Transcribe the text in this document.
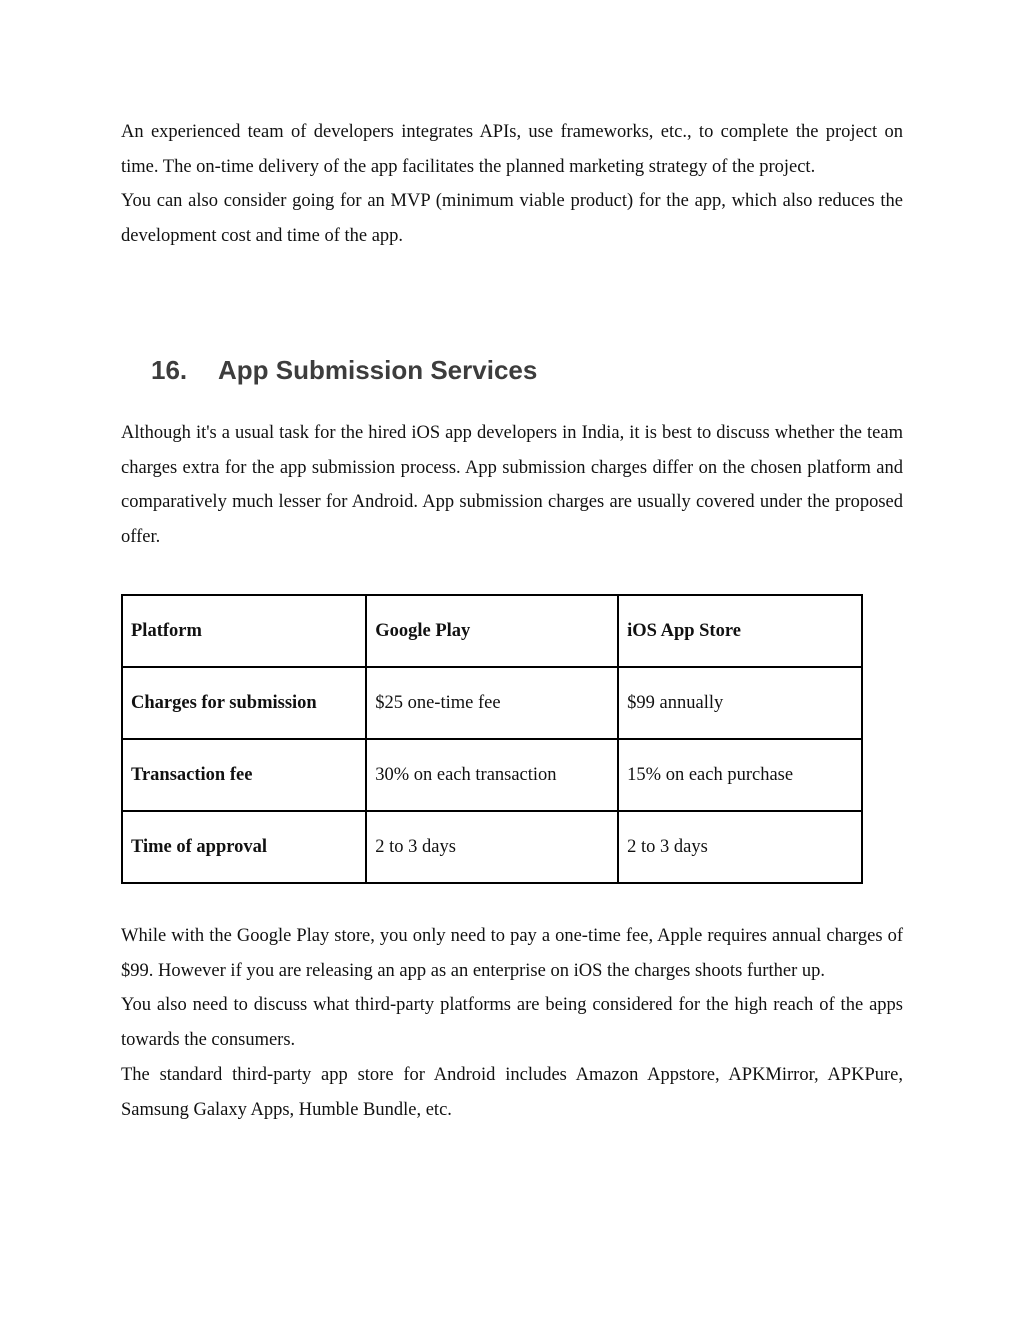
An experienced team of developers integrates APIs, use frameworks, etc., to complete the project on time. The on-time delivery of the app facilitates the planned marketing strategy of the project.

You can also consider going for an MVP (minimum viable product) for the app, which also reduces the development cost and time of the app.

16. App Submission Services

Although it's a usual task for the hired iOS app developers in India, it is best to discuss whether the team charges extra for the app submission process. App submission charges differ on the chosen platform and comparatively much lesser for Android. App submission charges are usually covered under the proposed offer.

Platform	Google Play	iOS App Store
Charges for submission	$25 one-time fee	$99 annually
Transaction fee	30% on each transaction	15% on each purchase
Time of approval	2 to 3 days	2 to 3 days

While with the Google Play store, you only need to pay a one-time fee, Apple requires annual charges of $99. However if you are releasing an app as an enterprise on iOS the charges shoots further up.

You also need to discuss what third-party platforms are being considered for the high reach of the apps towards the consumers.

The standard third-party app store for Android includes Amazon Appstore, APKMirror, APKPure, Samsung Galaxy Apps, Humble Bundle, etc.
